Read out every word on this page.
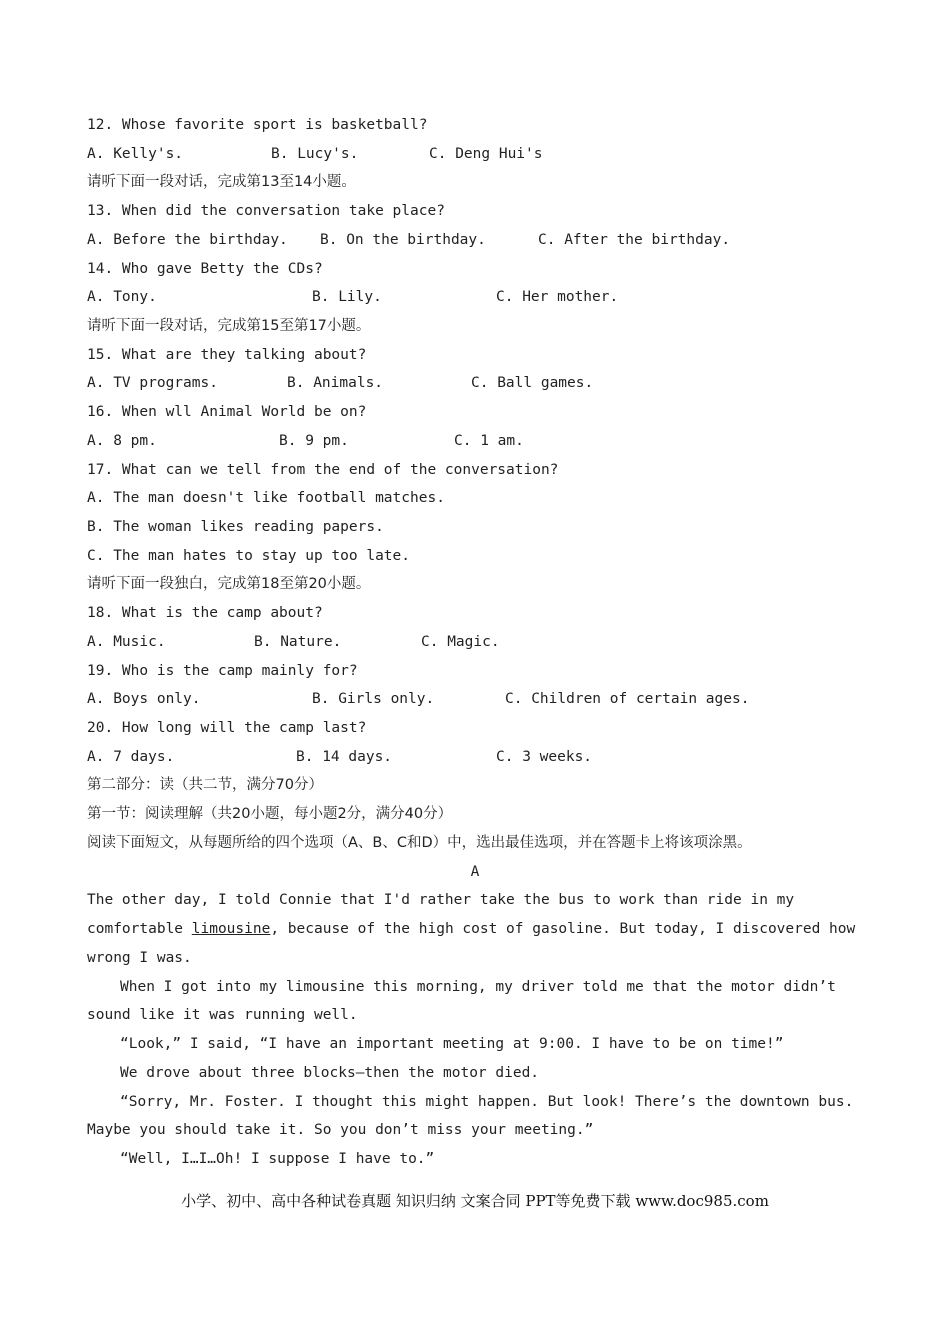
12. Whose favorite sport is basketball?
A. Kelly's.	B. Lucy's.	C. Deng Hui's
请听下面一段对话，完成第13至14小题。
13. When did the conversation take place?
A. Before the birthday. B. On the birthday.	C. After the birthday.
14. Who gave Betty the CDs?
A. Tony.	B. Lily.	C. Her mother.
请听下面一段对话，完成第15至第17小题。
15. What are they talking about?
A. TV programs.	B. Animals.	C. Ball games.
16. When wll Animal World be on?
A. 8 pm.	B. 9 pm.	C. 1 am.
17. What can we tell from the end of the conversation?
A. The man doesn't like football matches.
B. The woman likes reading papers.
C. The man hates to stay up too late.
请听下面一段独白，完成第18至第20小题。
18. What is the camp about?
A. Music.	B. Nature.	C. Magic.
19. Who is the camp mainly for?
A. Boys only.	B. Girls only.	C. Children of certain ages.
20. How long will the camp last?
A. 7 days.	B. 14 days.	C. 3 weeks.
第二部分：读（共二节，满分70分）
第一节：阅读理解（共20小题，每小题2分，满分40分）
阅读下面短文，从每题所给的四个选项（A、B、C和D）中，选出最佳选项，并在答题卡上将该项涂黑。
A
The other day, I told Connie that I'd rather take the bus to work than ride in my
comfortable limousine, because of the high cost of gasoline. But today, I discovered how
wrong I was.
When I got into my limousine this morning, my driver told me that the motor didn’t
sound like it was running well.
“Look,” I said, “I have an important meeting at 9:00. I have to be on time!”
We drove about three blocks—then the motor died.
“Sorry, Mr. Foster. I thought this might happen. But look! There’s the downtown bus.
Maybe you should take it. So you don’t miss your meeting.”
“Well, I…I…Oh! I suppose I have to.”
小学、初中、高中各种试卷真题 知识归纳 文案合同 PPT等免费下载 www.doc985.com
